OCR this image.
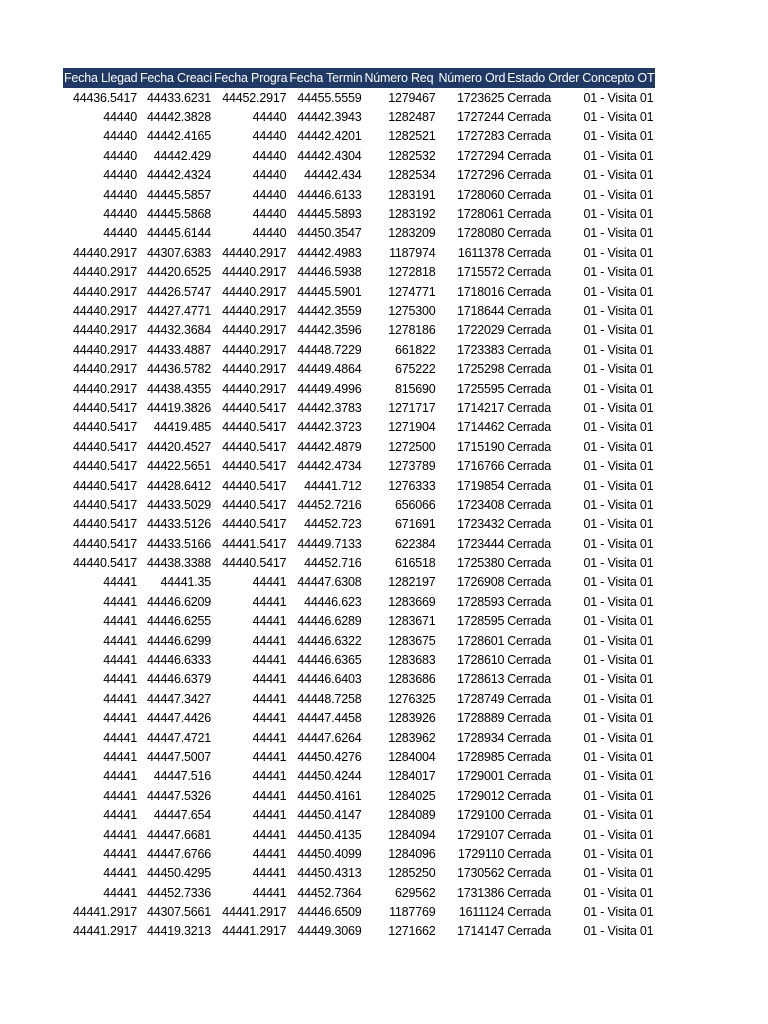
Fecha Llegad	Fecha Creaci	Fecha Progra	Fecha Termin	Número Req	Número Ord	Estado Order	Concepto OT
44436.5417	44433.6231	44452.2917	44455.5559	1279467	1723625	Cerrada	01 - Visita 01
44440	44442.3828	44440	44442.3943	1282487	1727244	Cerrada	01 - Visita 01
44440	44442.4165	44440	44442.4201	1282521	1727283	Cerrada	01 - Visita 01
44440	44442.429	44440	44442.4304	1282532	1727294	Cerrada	01 - Visita 01
44440	44442.4324	44440	44442.434	1282534	1727296	Cerrada	01 - Visita 01
44440	44445.5857	44440	44446.6133	1283191	1728060	Cerrada	01 - Visita 01
44440	44445.5868	44440	44445.5893	1283192	1728061	Cerrada	01 - Visita 01
44440	44445.6144	44440	44450.3547	1283209	1728080	Cerrada	01 - Visita 01
44440.2917	44307.6383	44440.2917	44442.4983	1187974	1611378	Cerrada	01 - Visita 01
44440.2917	44420.6525	44440.2917	44446.5938	1272818	1715572	Cerrada	01 - Visita 01
44440.2917	44426.5747	44440.2917	44445.5901	1274771	1718016	Cerrada	01 - Visita 01
44440.2917	44427.4771	44440.2917	44442.3559	1275300	1718644	Cerrada	01 - Visita 01
44440.2917	44432.3684	44440.2917	44442.3596	1278186	1722029	Cerrada	01 - Visita 01
44440.2917	44433.4887	44440.2917	44448.7229	661822	1723383	Cerrada	01 - Visita 01
44440.2917	44436.5782	44440.2917	44449.4864	675222	1725298	Cerrada	01 - Visita 01
44440.2917	44438.4355	44440.2917	44449.4996	815690	1725595	Cerrada	01 - Visita 01
44440.5417	44419.3826	44440.5417	44442.3783	1271717	1714217	Cerrada	01 - Visita 01
44440.5417	44419.485	44440.5417	44442.3723	1271904	1714462	Cerrada	01 - Visita 01
44440.5417	44420.4527	44440.5417	44442.4879	1272500	1715190	Cerrada	01 - Visita 01
44440.5417	44422.5651	44440.5417	44442.4734	1273789	1716766	Cerrada	01 - Visita 01
44440.5417	44428.6412	44440.5417	44441.712	1276333	1719854	Cerrada	01 - Visita 01
44440.5417	44433.5029	44440.5417	44452.7216	656066	1723408	Cerrada	01 - Visita 01
44440.5417	44433.5126	44440.5417	44452.723	671691	1723432	Cerrada	01 - Visita 01
44440.5417	44433.5166	44441.5417	44449.7133	622384	1723444	Cerrada	01 - Visita 01
44440.5417	44438.3388	44440.5417	44452.716	616518	1725380	Cerrada	01 - Visita 01
44441	44441.35	44441	44447.6308	1282197	1726908	Cerrada	01 - Visita 01
44441	44446.6209	44441	44446.623	1283669	1728593	Cerrada	01 - Visita 01
44441	44446.6255	44441	44446.6289	1283671	1728595	Cerrada	01 - Visita 01
44441	44446.6299	44441	44446.6322	1283675	1728601	Cerrada	01 - Visita 01
44441	44446.6333	44441	44446.6365	1283683	1728610	Cerrada	01 - Visita 01
44441	44446.6379	44441	44446.6403	1283686	1728613	Cerrada	01 - Visita 01
44441	44447.3427	44441	44448.7258	1276325	1728749	Cerrada	01 - Visita 01
44441	44447.4426	44441	44447.4458	1283926	1728889	Cerrada	01 - Visita 01
44441	44447.4721	44441	44447.6264	1283962	1728934	Cerrada	01 - Visita 01
44441	44447.5007	44441	44450.4276	1284004	1728985	Cerrada	01 - Visita 01
44441	44447.516	44441	44450.4244	1284017	1729001	Cerrada	01 - Visita 01
44441	44447.5326	44441	44450.4161	1284025	1729012	Cerrada	01 - Visita 01
44441	44447.654	44441	44450.4147	1284089	1729100	Cerrada	01 - Visita 01
44441	44447.6681	44441	44450.4135	1284094	1729107	Cerrada	01 - Visita 01
44441	44447.6766	44441	44450.4099	1284096	1729110	Cerrada	01 - Visita 01
44441	44450.4295	44441	44450.4313	1285250	1730562	Cerrada	01 - Visita 01
44441	44452.7336	44441	44452.7364	629562	1731386	Cerrada	01 - Visita 01
44441.2917	44307.5661	44441.2917	44446.6509	1187769	1611124	Cerrada	01 - Visita 01
44441.2917	44419.3213	44441.2917	44449.3069	1271662	1714147	Cerrada	01 - Visita 01
